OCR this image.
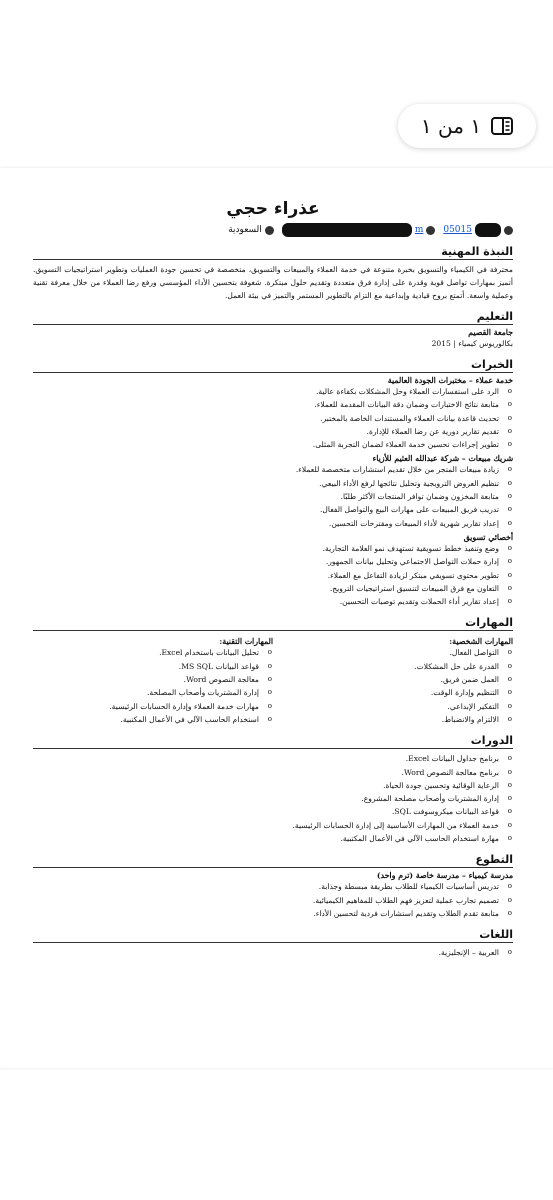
١ من ١
عذراء حجي
05015
m
السعودية
النبذة المهنية
محترفة في الكيمياء والتسويق بخبرة متنوعة في خدمة العملاء والمبيعات والتسويق، متخصصة في تحسين جودة العمليات وتطوير استراتيجيات التسويق. أتميز بمهارات تواصل قوية وقدرة على إدارة فرق متعددة وتقديم حلول مبتكرة. شغوفة بتحسين الأداء المؤسسي ورفع رضا العملاء من خلال معرفة تقنية وعملية واسعة. أتمتع بروح قيادية وإبداعية مع التزام بالتطوير المستمر والتميز في بيئة العمل.
التعليم
جامعة القصيم
بكالوريوس كيمياء | 2015
الخبرات
خدمة عملاء – مختبرات الجودة العالمية
o الرد على استفسارات العملاء وحل المشكلات بكفاءة عالية.
o متابعة نتائج الاختبارات وضمان دقة البيانات المقدمة للعملاء.
o تحديث قاعدة بيانات العملاء والمستندات الخاصة بالمختبر.
o تقديم تقارير دورية عن رضا العملاء للإدارة.
o تطوير إجراءات تحسين خدمة العملاء لضمان التجربة المثلى.
شريك مبيعات – شركة عبدالله العثيم للأزياء
o زيادة مبيعات المتجر من خلال تقديم استشارات متخصصة للعملاء.
o تنظيم العروض الترويجية وتحليل نتائجها لرفع الأداء البيعي.
o متابعة المخزون وضمان توافر المنتجات الأكثر طلبًا.
o تدريب فريق المبيعات على مهارات البيع والتواصل الفعال.
o إعداد تقارير شهرية لأداء المبيعات ومقترحات التحسين.
أخصائي تسويق
o وضع وتنفيذ خطط تسويقية تستهدف نمو العلامة التجارية.
o إدارة حملات التواصل الاجتماعي وتحليل بيانات الجمهور.
o تطوير محتوى تسويقي مبتكر لزيادة التفاعل مع العملاء.
o التعاون مع فرق المبيعات لتنسيق استراتيجيات الترويج.
o إعداد تقارير أداء الحملات وتقديم توصيات التحسين.
المهارات
المهارات الشخصية:
o التواصل الفعال.
o القدرة على حل المشكلات.
o العمل ضمن فريق.
o التنظيم وإدارة الوقت.
o التفكير الإبداعي.
o الالتزام والانضباط.
المهارات التقنية:
o تحليل البيانات باستخدام Excel.
o قواعد البيانات MS SQL.
o معالجة النصوص Word.
o إدارة المشتريات وأصحاب المصلحة.
o مهارات خدمة العملاء وإدارة الحسابات الرئيسية.
o استخدام الحاسب الآلي في الأعمال المكتبية.
الدورات
o برنامج جداول البيانات Excel.
o برنامج معالجة النصوص Word.
o الرعاية الوقائية وتحسين جودة الحياة.
o إدارة المشتريات وأصحاب مصلحة المشروع.
o قواعد البيانات ميكروسوفت SQL.
o خدمة العملاء من المهارات الأساسية إلى إدارة الحسابات الرئيسية.
o مهارة استخدام الحاسب الآلي في الأعمال المكتبية.
التطوع
مدرسة كيمياء – مدرسة خاصة (ترم واحد)
o تدريس أساسيات الكيمياء للطلاب بطريقة مبسطة وجذابة.
o تصميم تجارب عملية لتعزيز فهم الطلاب للمفاهيم الكيميائية.
o متابعة تقدم الطلاب وتقديم استشارات فردية لتحسين الأداء.
اللغات
o العربية – الإنجليزية.
